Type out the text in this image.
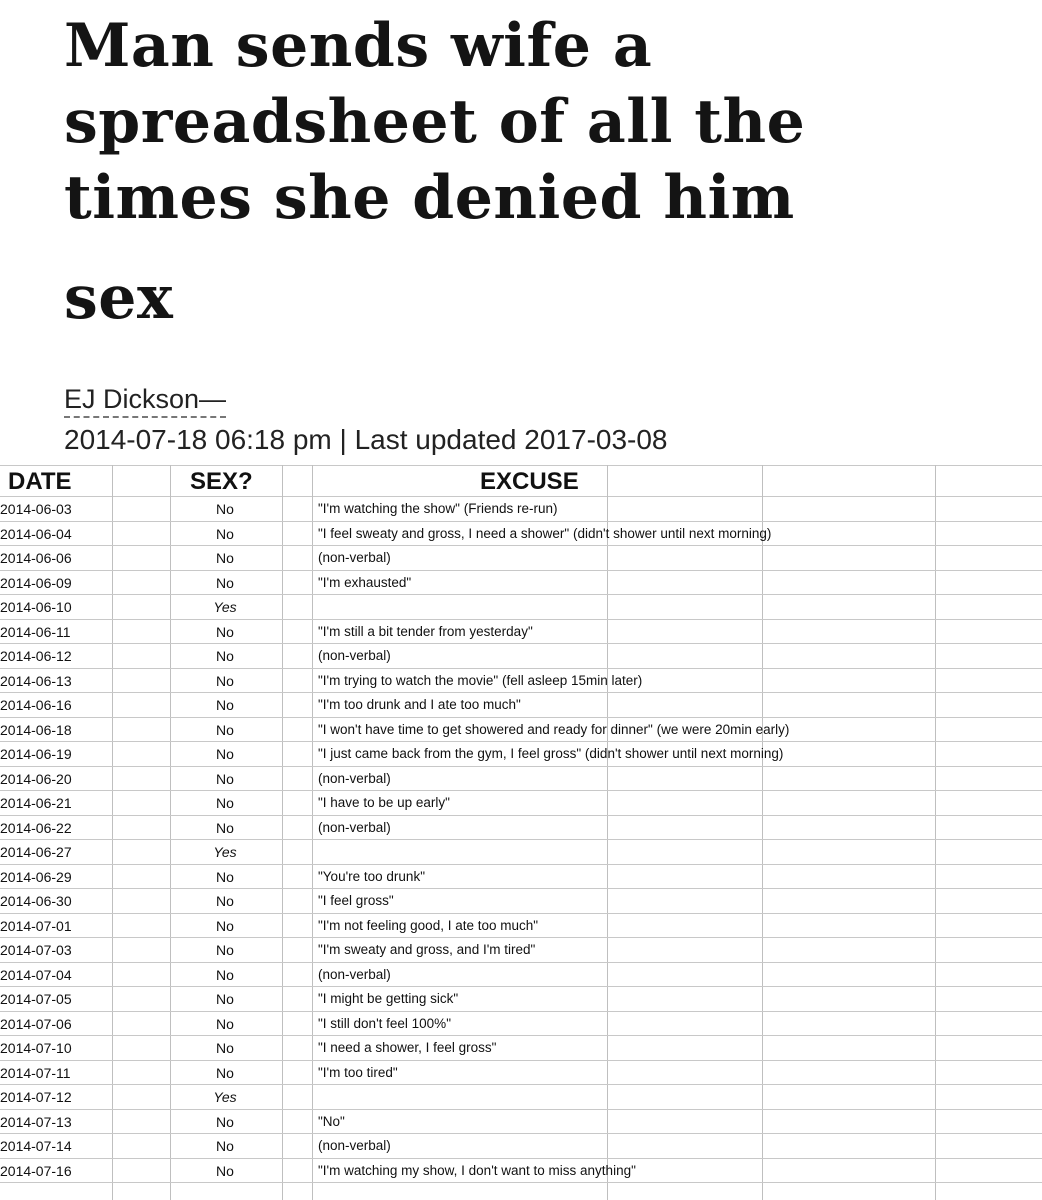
Man sends wife a
spreadsheet of all the
times she denied him
sex
EJ Dickson—
2014-07-18 06:18 pm | Last updated 2017-03-08
DATE	SEX?	EXCUSE
2014-06-03	No	"I'm watching the show" (Friends re-run)
2014-06-04	No	"I feel sweaty and gross, I need a shower" (didn't shower until next morning)
2014-06-06	No	(non-verbal)
2014-06-09	No	"I'm exhausted"
2014-06-10	Yes
2014-06-11	No	"I'm still a bit tender from yesterday"
2014-06-12	No	(non-verbal)
2014-06-13	No	"I'm trying to watch the movie" (fell asleep 15min later)
2014-06-16	No	"I'm too drunk and I ate too much"
2014-06-18	No	"I won't have time to get showered and ready for dinner" (we were 20min early)
2014-06-19	No	"I just came back from the gym, I feel gross" (didn't shower until next morning)
2014-06-20	No	(non-verbal)
2014-06-21	No	"I have to be up early"
2014-06-22	No	(non-verbal)
2014-06-27	Yes
2014-06-29	No	"You're too drunk"
2014-06-30	No	"I feel gross"
2014-07-01	No	"I'm not feeling good, I ate too much"
2014-07-03	No	"I'm sweaty and gross, and I'm tired"
2014-07-04	No	(non-verbal)
2014-07-05	No	"I might be getting sick"
2014-07-06	No	"I still don't feel 100%"
2014-07-10	No	"I need a shower, I feel gross"
2014-07-11	No	"I'm too tired"
2014-07-12	Yes
2014-07-13	No	"No"
2014-07-14	No	(non-verbal)
2014-07-16	No	"I'm watching my show, I don't want to miss anything"
